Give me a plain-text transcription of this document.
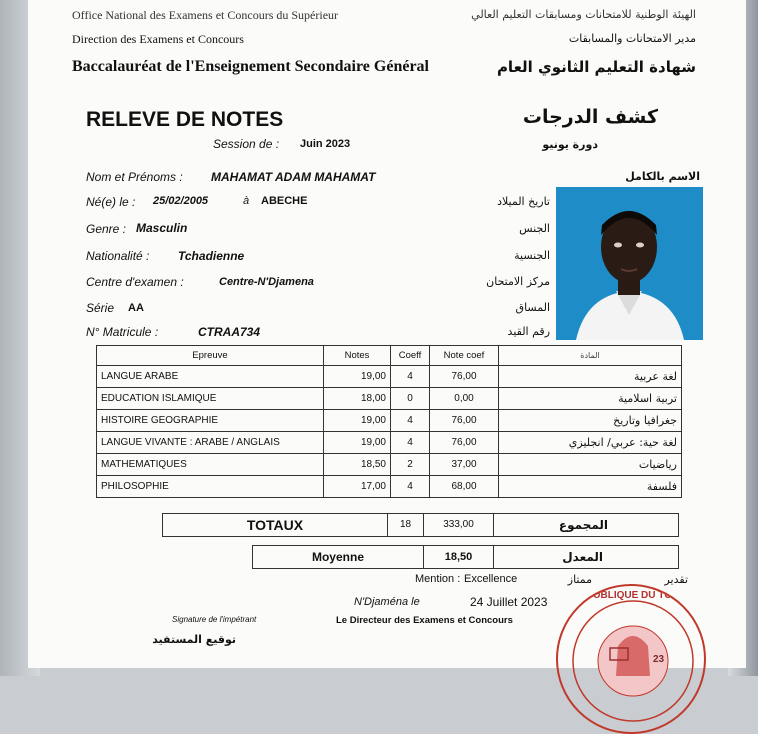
Office National des Examens et Concours du Supérieur	الهيئة الوطنية للامتحانات ومسابقات التعليم العالي
Direction des Examens et Concours	مدير الامتحانات والمسابقات
Baccalauréat de l'Enseignement Secondaire Général	شهادة التعليم الثانوي العام
RELEVE DE NOTES	كشف الدرجات
Session de : Juin 2023	دورة يونيو
Nom et Prénoms : MAHAMAT ADAM MAHAMAT	الاسم بالكامل
Né(e) le : 25/02/2005	à ABECHE	تاريخ الميلاد
Genre : Masculin	الجنس
Nationalité : Tchadienne	الجنسية
Centre d'examen :	Centre-N'Djamena	مركز الامتحان
Série AA	المساق
N° Matricule :	CTRAA734	رقم القيد
Epreuve	Notes	Coeff	Note coef	المادة
LANGUE ARABE	19,00	4	76,00	لغة عربية
EDUCATION ISLAMIQUE	18,00	0	0,00	تربية اسلامية
HISTOIRE GEOGRAPHIE	19,00	4	76,00	جغرافيا وتاريخ
LANGUE VIVANTE : ARABE / ANGLAIS	19,00	4	76,00	لغة حية: عربي/ انجليزي
MATHEMATIQUES	18,50	2	37,00	رياضيات
PHILOSOPHIE	17,00	4	68,00	فلسفة
TOTAUX	18	333,00	المجموع
Moyenne	18,50	المعدل
Mention : Excellence	ممتاز	تقدير
N'Djaména le	24 Juillet 2023
Signature de l'impétrant
توقيع المستفيد
Le Directeur des Examens et Concours
REPUBLIQUE DU TCHAD
23
